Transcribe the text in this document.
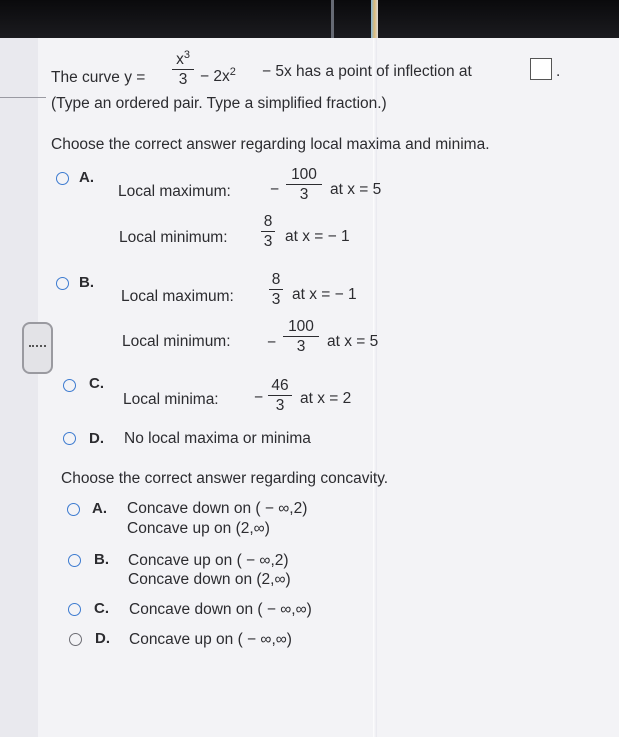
The curve y =
$x^3$
$3 - 2x^2 - 5x$ has a point of inflection at	.
(Type an ordered pair. Type a simplified fraction.)
Choose the correct answer regarding local maxima and minima.
A.
Local maximum:	−
100
3	at x = 5
Local minimum:
8
3 at x = − 1
B.
Local maximum:
8
3 at x = − 1
Local minimum: −
100
3	at x = 5
C.
Local minima: −
46
3	at x = 2
D. No local maxima or minima
Choose the correct answer regarding concavity.
A. Concave down on ( − ∞,2)
Concave up on (2,∞)
B. Concave up on ( − ∞,2)
Concave down on (2,∞)
C. Concave down on ( − ∞,∞)
D. Concave up on ( − ∞,∞)
